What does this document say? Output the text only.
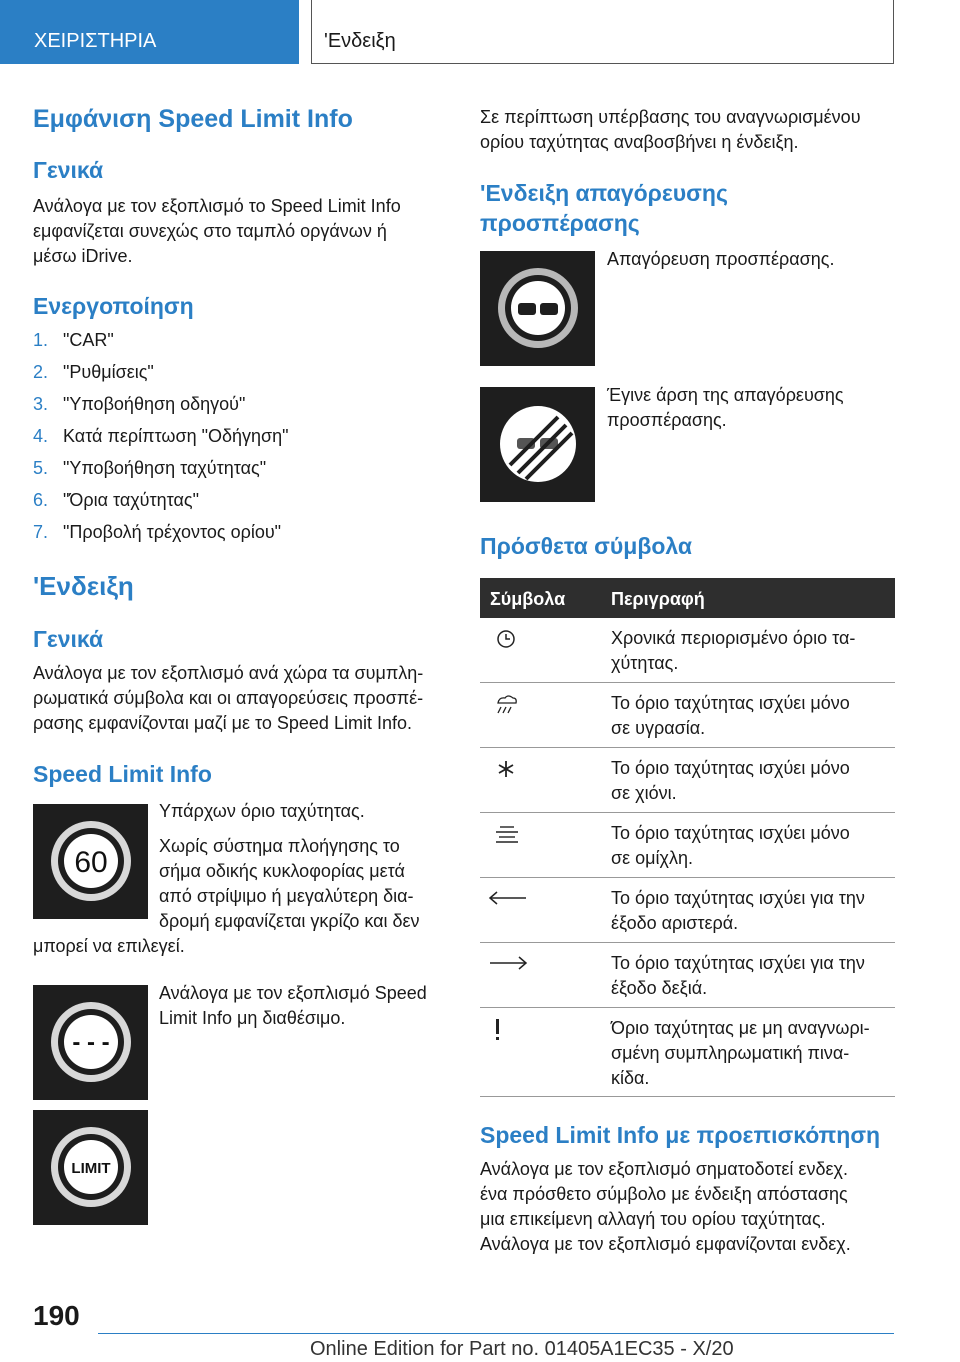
ΧΕΙΡΙΣΤΗΡΙΑ	'Ενδειξη
Εμφάνιση Speed Limit Info
Γενικά
Ανάλογα με τον εξοπλισμό το Speed Limit Info
εμφανίζεται συνεχώς στο ταμπλό οργάνων ή
μέσω iDrive.
Ενεργοποίηση
1. "CAR"
2. "Ρυθμίσεις"
3. "Υποβοήθηση οδηγού"
4. Κατά περίπτωση "Οδήγηση"
5. "Υποβοήθηση ταχύτητας"
6. "Όρια ταχύτητας"
7. "Προβολή τρέχοντος ορίου"
'Ενδειξη
Γενικά
Ανάλογα με τον εξοπλισμό ανά χώρα τα συμπλη-
ρωματικά σύμβολα και οι απαγορεύσεις προσπέ-
ρασης εμφανίζονται μαζί με το Speed Limit Info.
Speed Limit Info
60
Υπάρχων όριο ταχύτητας.
Χωρίς σύστημα πλοήγησης το
σήμα οδικής κυκλοφορίας μετά
από στρίψιμο ή μεγαλύτερη δια-
δρομή εμφανίζεται γκρίζο και δεν
μπορεί να επιλεγεί.
- - -
Ανάλογα με τον εξοπλισμό Speed
Limit Info μη διαθέσιμο.
LIMIT
Σε περίπτωση υπέρβασης του αναγνωρισμένου
ορίου ταχύτητας αναβοσβήνει η ένδειξη.
'Ενδειξη απαγόρευσης
προσπέρασης
Απαγόρευση προσπέρασης.
Έγινε άρση της απαγόρευσης
προσπέρασης.
Πρόσθετα σύμβολα
Σύμβολα	Περιγραφή
Χρονικά περιορισμένο όριο τα-
χύτητας.
Το όριο ταχύτητας ισχύει μόνο
σε υγρασία.
Το όριο ταχύτητας ισχύει μόνο
σε χιόνι.
Το όριο ταχύτητας ισχύει μόνο
σε ομίχλη.
Το όριο ταχύτητας ισχύει για την
έξοδο αριστερά.
Το όριο ταχύτητας ισχύει για την
έξοδο δεξιά.
Όριο ταχύτητας με μη αναγνωρι-
σμένη συμπληρωματική πινα-
κίδα.
Speed Limit Info με προεπισκόπηση
Ανάλογα με τον εξοπλισμό σηματοδοτεί ενδεχ.
ένα πρόσθετο σύμβολο με ένδειξη απόστασης
μια επικείμενη αλλαγή του ορίου ταχύτητας.
Ανάλογα με τον εξοπλισμό εμφανίζονται ενδεχ.
190
Online Edition for Part no. 01405A1EC35 - X/20
